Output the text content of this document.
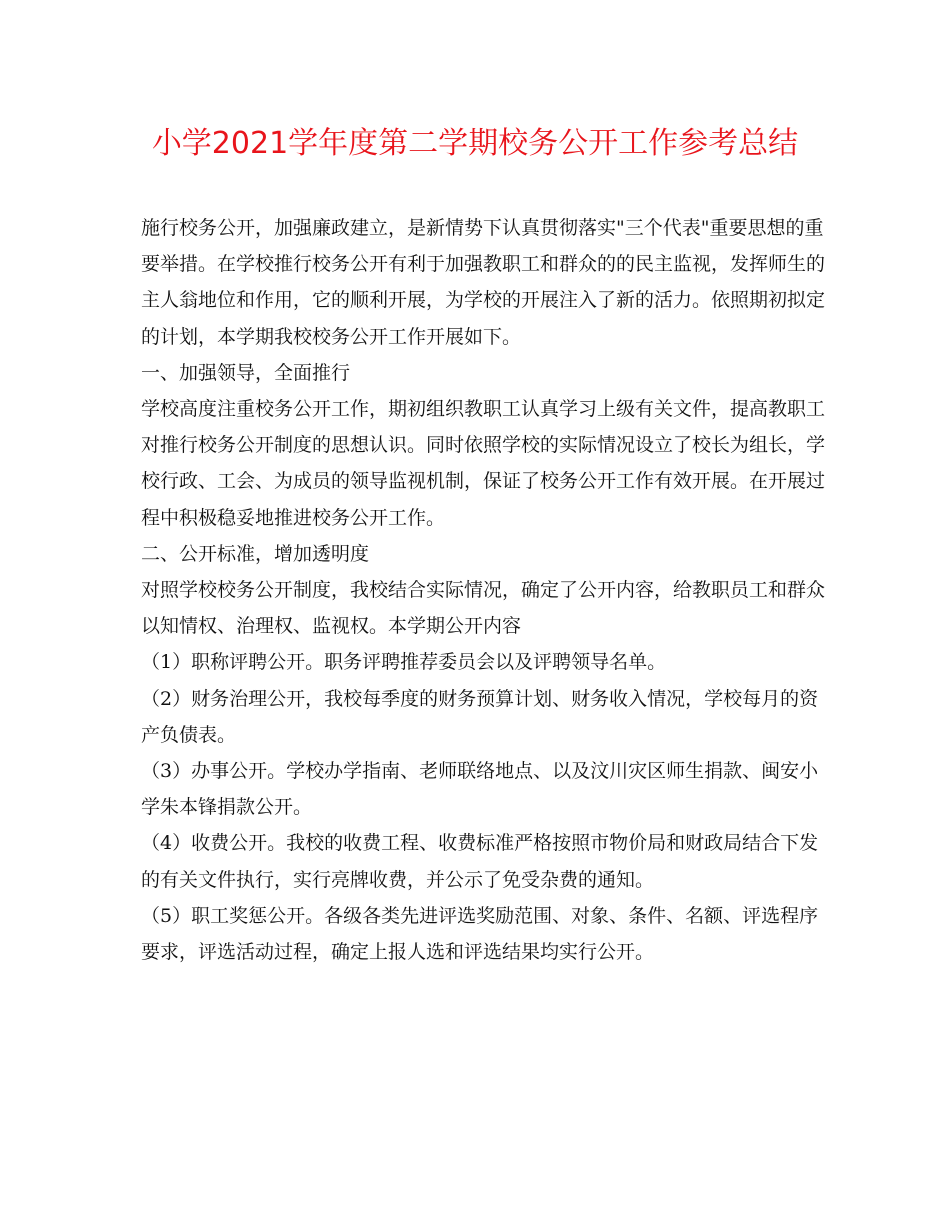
小学2021学年度第二学期校务公开工作参考总结

施行校务公开，加强廉政建立，是新情势下认真贯彻落实"三个代表"重要思想的重要举措。在学校推行校务公开有利于加强教职工和群众的的民主监视，发挥师生的主人翁地位和作用，它的顺利开展，为学校的开展注入了新的活力。依照期初拟定的计划，本学期我校校务公开工作开展如下。

一、加强领导，全面推行

学校高度注重校务公开工作，期初组织教职工认真学习上级有关文件，提高教职工对推行校务公开制度的思想认识。同时依照学校的实际情况设立了校长为组长，学校行政、工会、为成员的领导监视机制，保证了校务公开工作有效开展。在开展过程中积极稳妥地推进校务公开工作。

二、公开标准，增加透明度

对照学校校务公开制度，我校结合实际情况，确定了公开内容，给教职员工和群众以知情权、治理权、监视权。本学期公开内容

（1）职称评聘公开。职务评聘推荐委员会以及评聘领导名单。

（2）财务治理公开，我校每季度的财务预算计划、财务收入情况，学校每月的资产负债表。

（3）办事公开。学校办学指南、老师联络地点、以及汶川灾区师生捐款、闽安小学朱本锋捐款公开。

（4）收费公开。我校的收费工程、收费标准严格按照市物价局和财政局结合下发的有关文件执行，实行亮牌收费，并公示了免受杂费的通知。

（5）职工奖惩公开。各级各类先进评选奖励范围、对象、条件、名额、评选程序要求，评选活动过程，确定上报人选和评选结果均实行公开。
